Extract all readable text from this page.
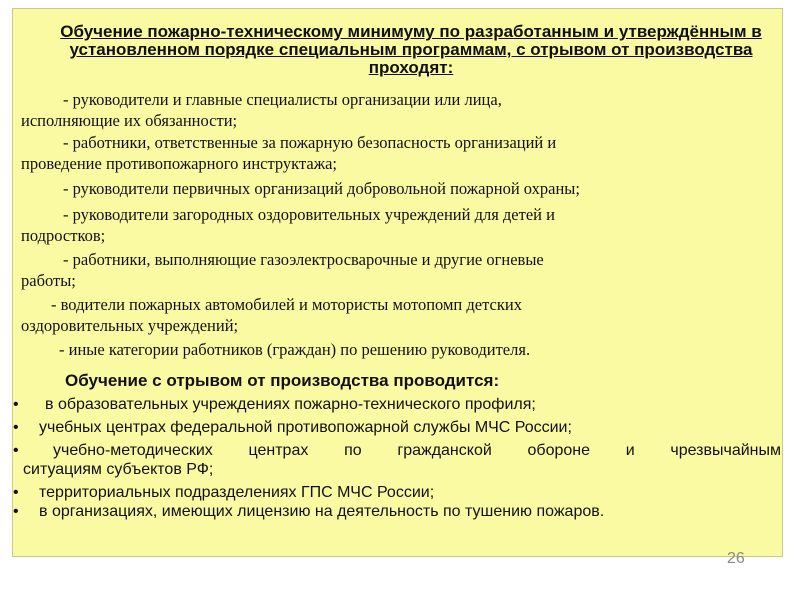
Обучение пожарно-техническому минимуму по разработанным и утверждённым в установленном порядке специальным программам, с отрывом от производства проходят:

- руководители и главные специалисты организации или лица,
исполняющие их обязанности;

- работники, ответственные за пожарную безопасность организаций и
проведение противопожарного инструктажа;

- руководители первичных организаций добровольной пожарной охраны;

- руководители загородных оздоровительных учреждений для детей и
подростков;

- работники, выполняющие газоэлектросварочные и другие огневые
работы;

- водители пожарных автомобилей и мотористы мотопомп детских
оздоровительных учреждений;

- иные категории работников (граждан) по решению руководителя.

Обучение с отрывом от производства проводится:
•	в образовательных учреждениях пожарно-технического профиля;
•	учебных центрах федеральной противопожарной службы МЧС России;
•	учебно-методических центрах по гражданской обороне и чрезвычайным
ситуациям субъектов РФ;
•	территориальных подразделениях ГПС МЧС России;
•	в организациях, имеющих лицензию на деятельность по тушению пожаров.
26
